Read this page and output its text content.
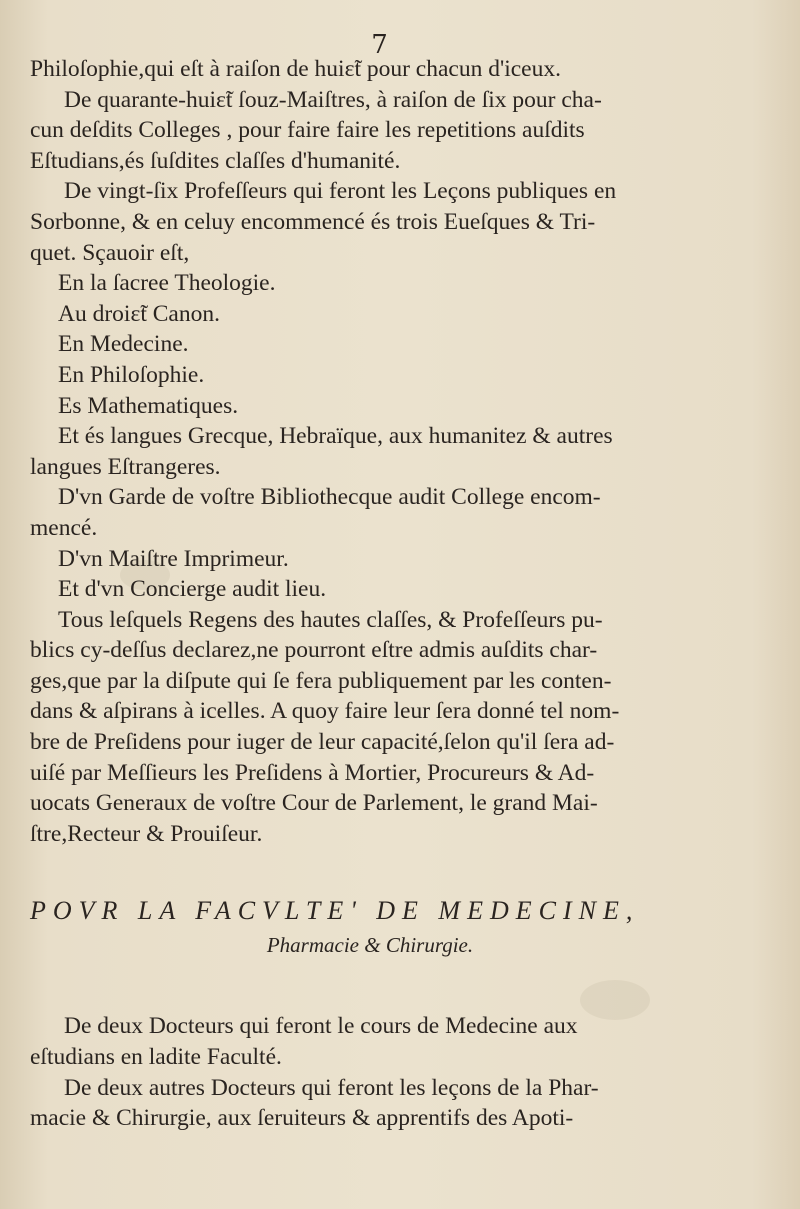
7
Philoſophie,qui eſt à raiſon de huiɛ̃t pour chacun d'iceux.
De quarante-huiɛ̃t ſouz-Maiſtres, à raiſon de ſix pour cha-
cun deſdits Colleges , pour faire faire les repetitions auſdits
Eſtudians,és ſuſdites claſſes d'humanité.
De vingt-ſix Profeſſeurs qui feront les Leçons publiques en
Sorbonne, & en celuy encommencé és trois Eueſques & Tri-
quet. Sçauoir eſt,
En la ſacree Theologie.
Au droiɛ̃t Canon.
En Medecine.
En Philoſophie.
Es Mathematiques.
Et és langues Grecque, Hebraïque, aux humanitez & autres
langues Eſtrangeres.
D'vn Garde de voſtre Bibliothecque audit College encom-
mencé.
D'vn Maiſtre Imprimeur.
Et d'vn Concierge audit lieu.
Tous leſquels Regens des hautes claſſes, & Profeſſeurs pu-
blics cy-deſſus declarez,ne pourront eſtre admis auſdits char-
ges,que par la diſpute qui ſe fera publiquement par les conten-
dans & aſpirans à icelles. A quoy faire leur ſera donné tel nom-
bre de Preſidens pour iuger de leur capacité,ſelon qu'il ſera ad-
uiſé par Meſſieurs les Preſidens à Mortier, Procureurs & Ad-
uocats Generaux de voſtre Cour de Parlement, le grand Mai-
ſtre,Recteur & Prouiſeur.
POVR LA FACVLTE' DE MEDECINE,
Pharmacie & Chirurgie.
De deux Docteurs qui feront le cours de Medecine aux
eſtudians en ladite Faculté.
De deux autres Docteurs qui feront les leçons de la Phar-
macie & Chirurgie, aux ſeruiteurs & apprentifs des Apoti-
